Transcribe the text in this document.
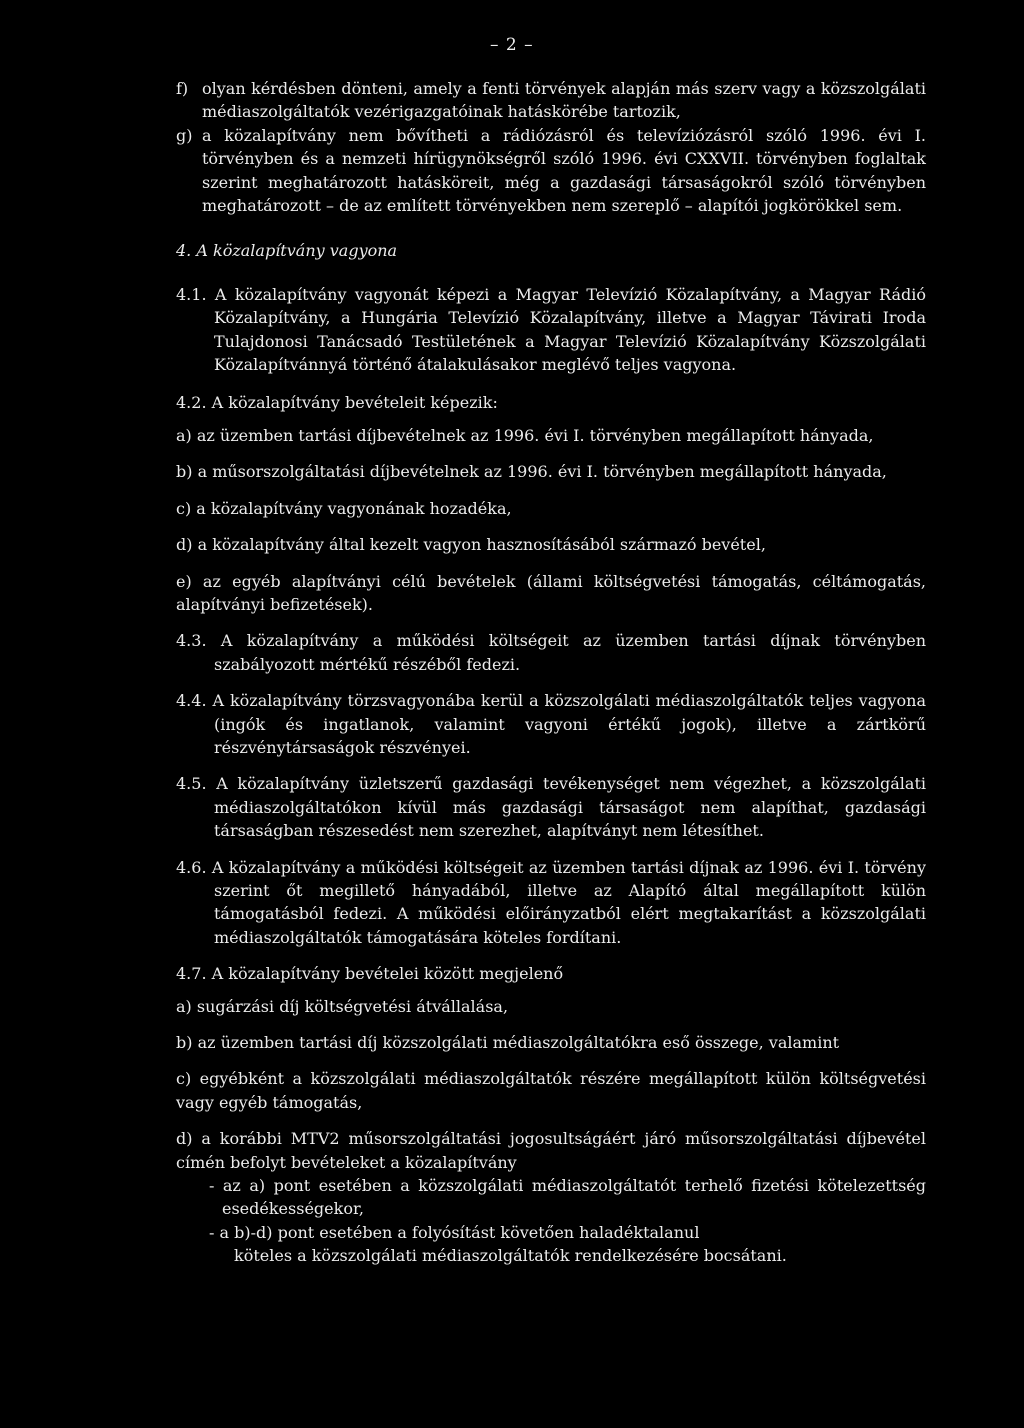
– 2 –
f) olyan kérdésben dönteni, amely a fenti törvények alapján más szerv vagy a közszolgálati médiaszolgáltatók vezérigazgatóinak hatáskörébe tartozik,
g) a közalapítvány nem bővítheti a rádiózásról és televíziózásról szóló 1996. évi I. törvényben és a nemzeti hírügynökségről szóló 1996. évi CXXVII. törvényben foglaltak szerint meghatározott hatásköreit, még a gazdasági társaságokról szóló törvényben meghatározott – de az említett törvényekben nem szereplő – alapítói jogkörökkel sem.
4. A közalapítvány vagyona
4.1. A közalapítvány vagyonát képezi a Magyar Televízió Közalapítvány, a Magyar Rádió Közalapítvány, a Hungária Televízió Közalapítvány, illetve a Magyar Távirati Iroda Tulajdonosi Tanácsadó Testületének a Magyar Televízió Közalapítvány Közszolgálati Közalapítvánnyá történő átalakulásakor meglévő teljes vagyona.
4.2. A közalapítvány bevételeit képezik:
a) az üzemben tartási díjbevételnek az 1996. évi I. törvényben megállapított hányada,
b) a műsorszolgáltatási díjbevételnek az 1996. évi I. törvényben megállapított hányada,
c) a közalapítvány vagyonának hozadéka,
d) a közalapítvány által kezelt vagyon hasznosításából származó bevétel,
e) az egyéb alapítványi célú bevételek (állami költségvetési támogatás, céltámogatás, alapítványi befizetések).
4.3. A közalapítvány a működési költségeit az üzemben tartási díjnak törvényben szabályozott mértékű részéből fedezi.
4.4. A közalapítvány törzsvagyonába kerül a közszolgálati médiaszolgáltatók teljes vagyona (ingók és ingatlanok, valamint vagyoni értékű jogok), illetve a zártkörű részvénytársaságok részvényei.
4.5. A közalapítvány üzletszerű gazdasági tevékenységet nem végezhet, a közszolgálati médiaszolgáltatókon kívül más gazdasági társaságot nem alapíthat, gazdasági társaságban részesedést nem szerezhet, alapítványt nem létesíthet.
4.6. A közalapítvány a működési költségeit az üzemben tartási díjnak az 1996. évi I. törvény szerint őt megillető hányadából, illetve az Alapító által megállapított külön támogatásból fedezi. A működési előirányzatból elért megtakarítást a közszolgálati médiaszolgáltatók támogatására köteles fordítani.
4.7. A közalapítvány bevételei között megjelenő
a) sugárzási díj költségvetési átvállalása,
b) az üzemben tartási díj közszolgálati médiaszolgáltatókra eső összege, valamint
c) egyébként a közszolgálati médiaszolgáltatók részére megállapított külön költségvetési vagy egyéb támogatás,
d) a korábbi MTV2 műsorszolgáltatási jogosultságáért járó műsorszolgáltatási díjbevétel címén befolyt bevételeket a közalapítvány
- az a) pont esetében a közszolgálati médiaszolgáltatót terhelő fizetési kötelezettség esedékességekor,
- a b)-d) pont esetében a folyósítást követően haladéktalanul
köteles a közszolgálati médiaszolgáltatók rendelkezésére bocsátani.
